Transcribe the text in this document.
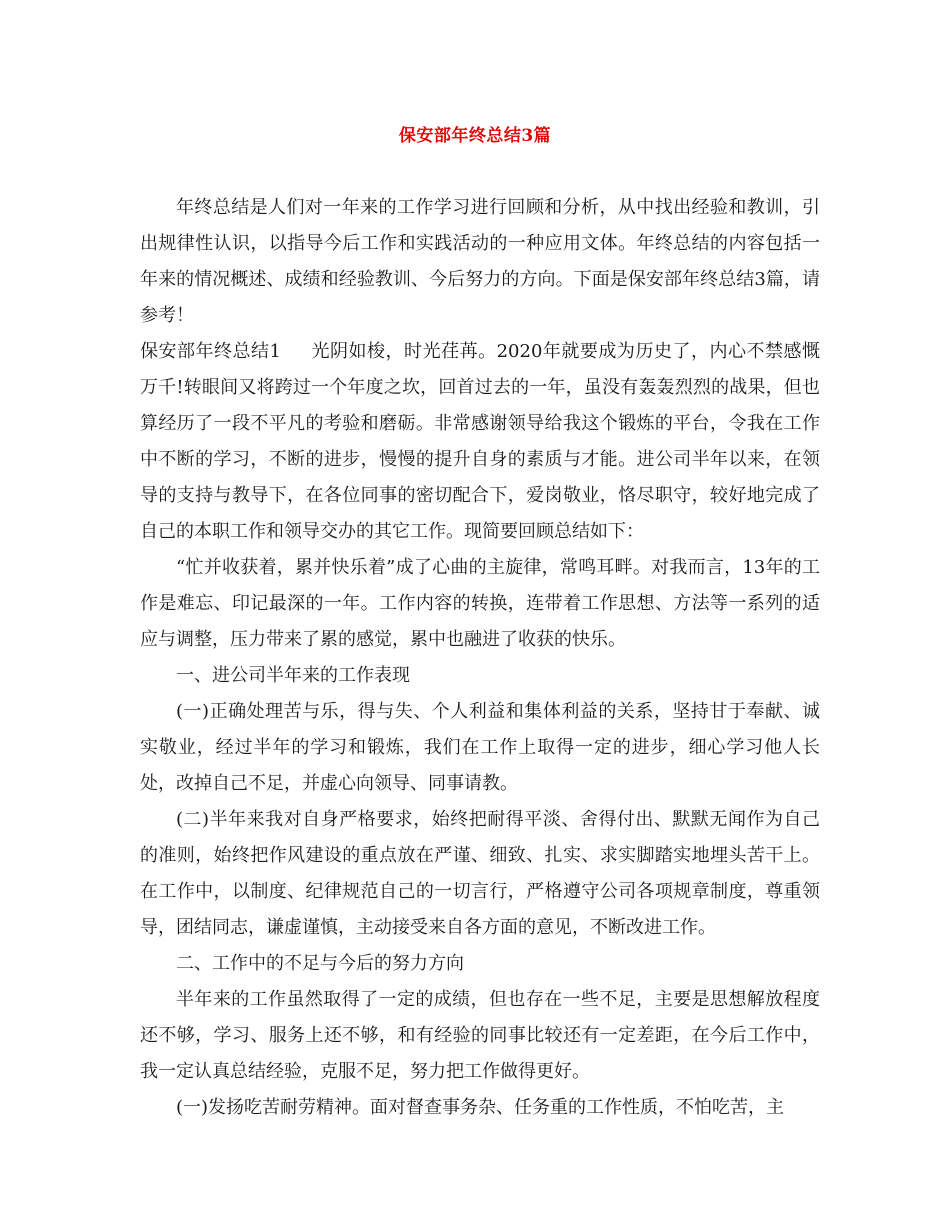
保安部年终总结3篇

年终总结是人们对一年来的工作学习进行回顾和分析，从中找出经验和教训，引出规律性认识，以指导今后工作和实践活动的一种应用文体。年终总结的内容包括一年来的情况概述、成绩和经验教训、今后努力的方向。下面是保安部年终总结3篇，请参考！

保安部年终总结1 光阴如梭，时光荏苒。2020年就要成为历史了，内心不禁感慨万千!转眼间又将跨过一个年度之坎，回首过去的一年，虽没有轰轰烈烈的战果，但也算经历了一段不平凡的考验和磨砺。非常感谢领导给我这个锻炼的平台，令我在工作中不断的学习，不断的进步，慢慢的提升自身的素质与才能。进公司半年以来，在领导的支持与教导下，在各位同事的密切配合下，爱岗敬业，恪尽职守，较好地完成了自己的本职工作和领导交办的其它工作。现简要回顾总结如下：

“忙并收获着，累并快乐着”成了心曲的主旋律，常鸣耳畔。对我而言，13年的工作是难忘、印记最深的一年。工作内容的转换，连带着工作思想、方法等一系列的适应与调整，压力带来了累的感觉，累中也融进了收获的快乐。

一、进公司半年来的工作表现

(一)正确处理苦与乐，得与失、个人利益和集体利益的关系，坚持甘于奉献、诚实敬业，经过半年的学习和锻炼，我们在工作上取得一定的进步，细心学习他人长处，改掉自己不足，并虚心向领导、同事请教。

(二)半年来我对自身严格要求，始终把耐得平淡、舍得付出、默默无闻作为自己的准则，始终把作风建设的重点放在严谨、细致、扎实、求实脚踏实地埋头苦干上。在工作中，以制度、纪律规范自己的一切言行，严格遵守公司各项规章制度，尊重领导，团结同志，谦虚谨慎，主动接受来自各方面的意见，不断改进工作。

二、工作中的不足与今后的努力方向

半年来的工作虽然取得了一定的成绩，但也存在一些不足，主要是思想解放程度还不够，学习、服务上还不够，和有经验的同事比较还有一定差距，在今后工作中，我一定认真总结经验，克服不足，努力把工作做得更好。

(一)发扬吃苦耐劳精神。面对督查事务杂、任务重的工作性质，不怕吃苦，主
